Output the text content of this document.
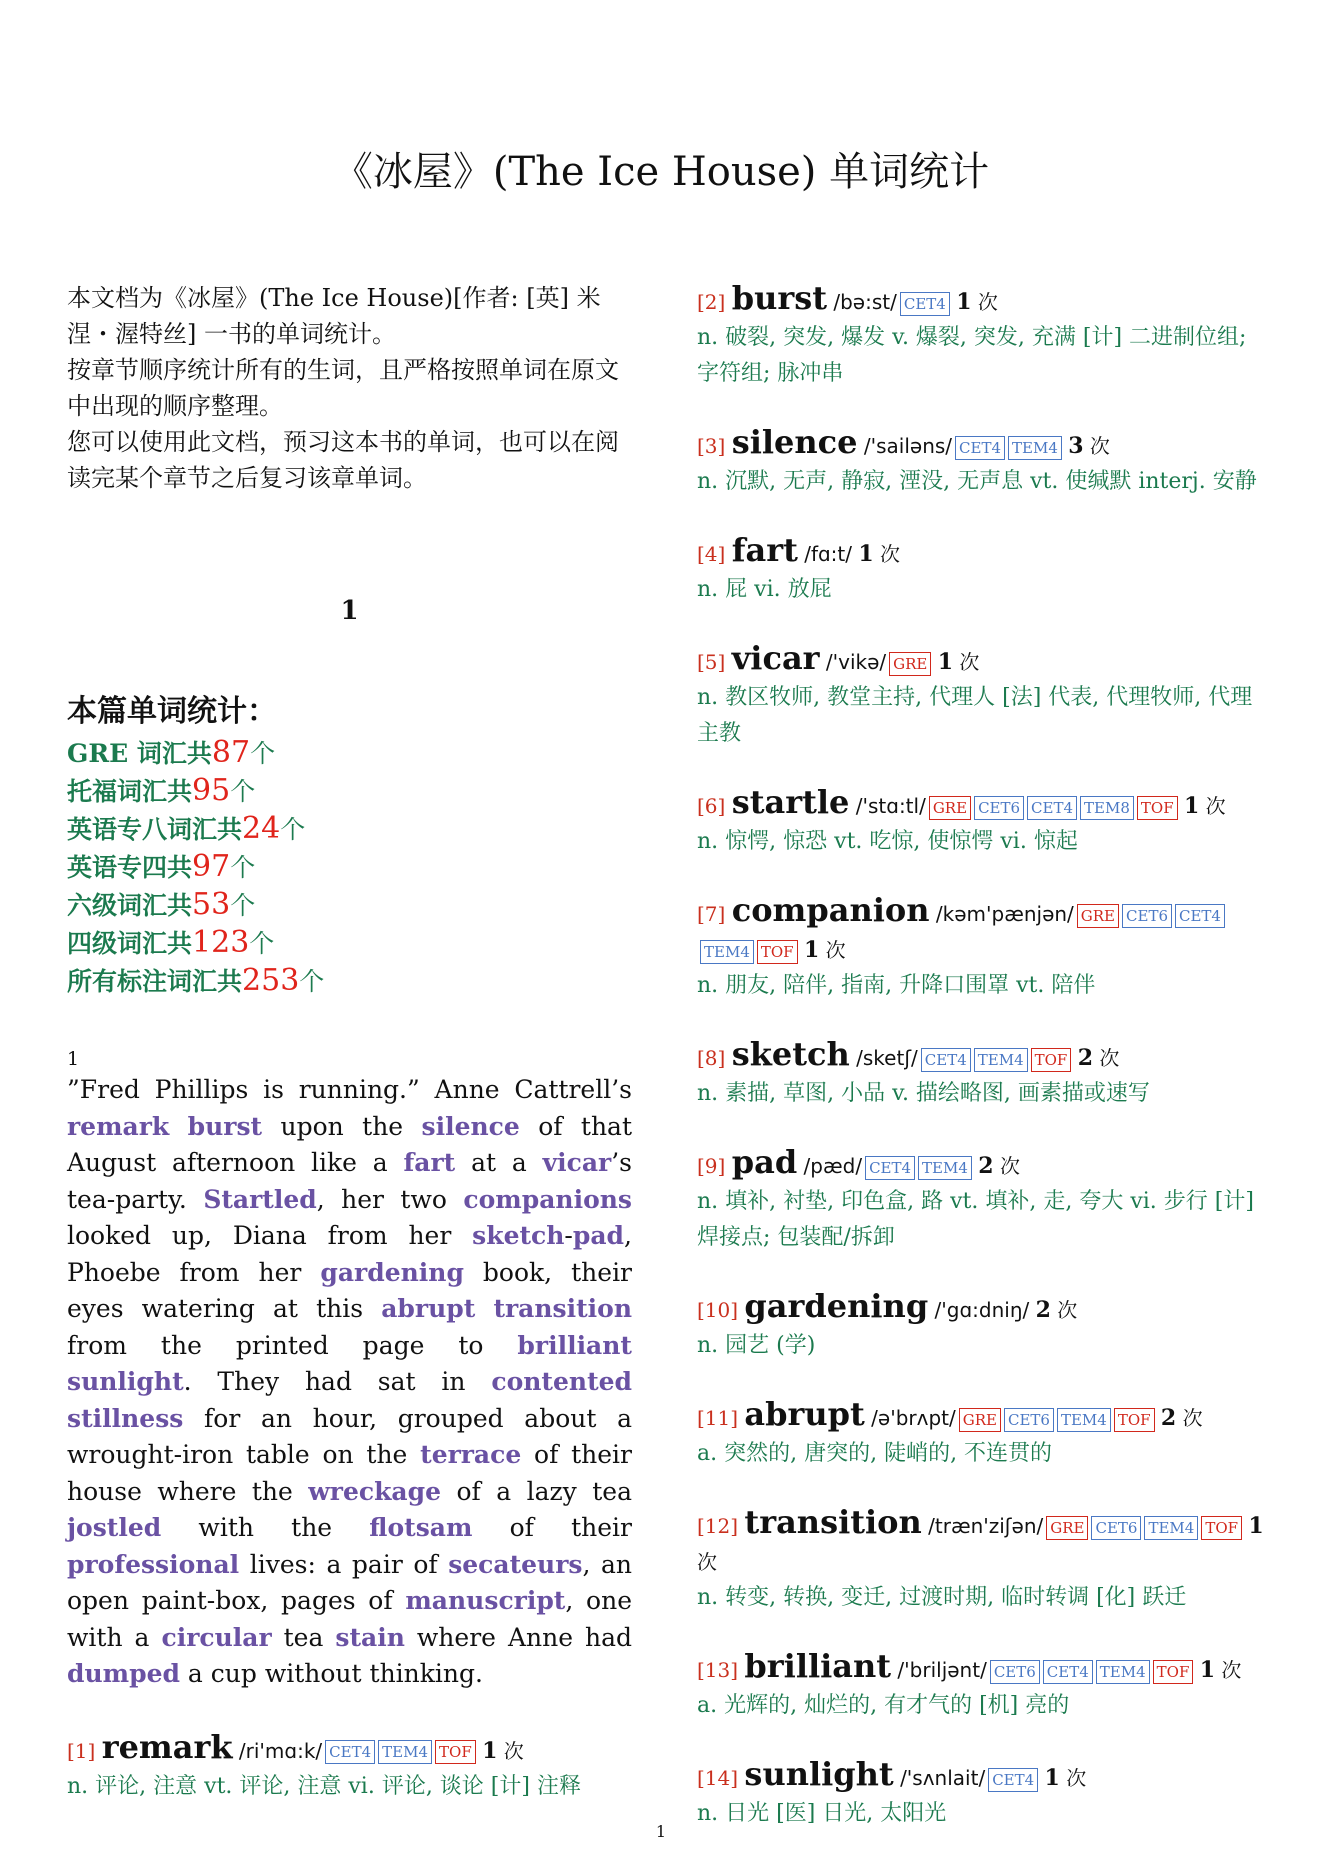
《冰屋》(The Ice House) 单词统计
本文档为《冰屋》(The Ice House)[作者: [英] 米涅・渥特丝] 一书的单词统计。
按章节顺序统计所有的生词，且严格按照单词在原文中出现的顺序整理。
您可以使用此文档，预习这本书的单词，也可以在阅读完某个章节之后复习该章单词。
1
本篇单词统计：
GRE 词汇共87个
托福词汇共95个
英语专八词汇共24个
英语专四共97个
六级词汇共53个
四级词汇共123个
所有标注词汇共253个
1
”Fred Phillips is running.” Anne Cattrell’s remark burst upon the silence of that August afternoon like a fart at a vicar’s tea-party. Startled, her two companions looked up, Diana from her sketch-pad, Phoebe from her gardening book, their eyes watering at this abrupt transition from the printed page to brilliant sunlight. They had sat in contented stillness for an hour, grouped about a wrought-iron table on the terrace of their house where the wreckage of a lazy tea jostled with the flotsam of their professional lives: a pair of secateurs, an open paint-box, pages of manuscript, one with a circular tea stain where Anne had dumped a cup without thinking.
[1] remark /ri'mɑ:k/ CET4 TEM4 TOF 1 次
n. 评论, 注意 vt. 评论, 注意 vi. 评论, 谈论 [计] 注释
[2] burst /bə:st/ CET4 1 次
n. 破裂, 突发, 爆发 v. 爆裂, 突发, 充满 [计] 二进制位组; 字符组; 脉冲串
[3] silence /'sailəns/ CET4 TEM4 3 次
n. 沉默, 无声, 静寂, 湮没, 无声息 vt. 使缄默 interj. 安静
[4] fart /fɑ:t/ 1 次
n. 屁 vi. 放屁
[5] vicar /'vikə/ GRE 1 次
n. 教区牧师, 教堂主持, 代理人 [法] 代表, 代理牧师, 代理主教
[6] startle /'stɑ:tl/ GRE CET6 CET4 TEM8 TOF 1 次
n. 惊愕, 惊恐 vt. 吃惊, 使惊愕 vi. 惊起
[7] companion /kəm'pænjən/ GRE CET6 CET4TEM4 TOF 1 次
n. 朋友, 陪伴, 指南, 升降口围罩 vt. 陪伴
[8] sketch /sketʃ/ CET4 TEM4 TOF 2 次
n. 素描, 草图, 小品 v. 描绘略图, 画素描或速写
[9] pad /pæd/ CET4 TEM4 2 次
n. 填补, 衬垫, 印色盒, 路 vt. 填补, 走, 夸大 vi. 步行 [计] 焊接点; 包装配/拆卸
[10] gardening /'gɑ:dniŋ/ 2 次
n. 园艺 (学)
[11] abrupt /ə'brʌpt/ GRE CET6 TEM4 TOF 2 次
a. 突然的, 唐突的, 陡峭的, 不连贯的
[12] transition /træn'ziʃən/ GRE CET6 TEM4 TOF 1 次
n. 转变, 转换, 变迁, 过渡时期, 临时转调 [化] 跃迁
[13] brilliant /'briljənt/ CET6 CET4 TEM4 TOF 1 次
a. 光辉的, 灿烂的, 有才气的 [机] 亮的
[14] sunlight /'sʌnlait/ CET4 1 次
n. 日光 [医] 日光, 太阳光
1
